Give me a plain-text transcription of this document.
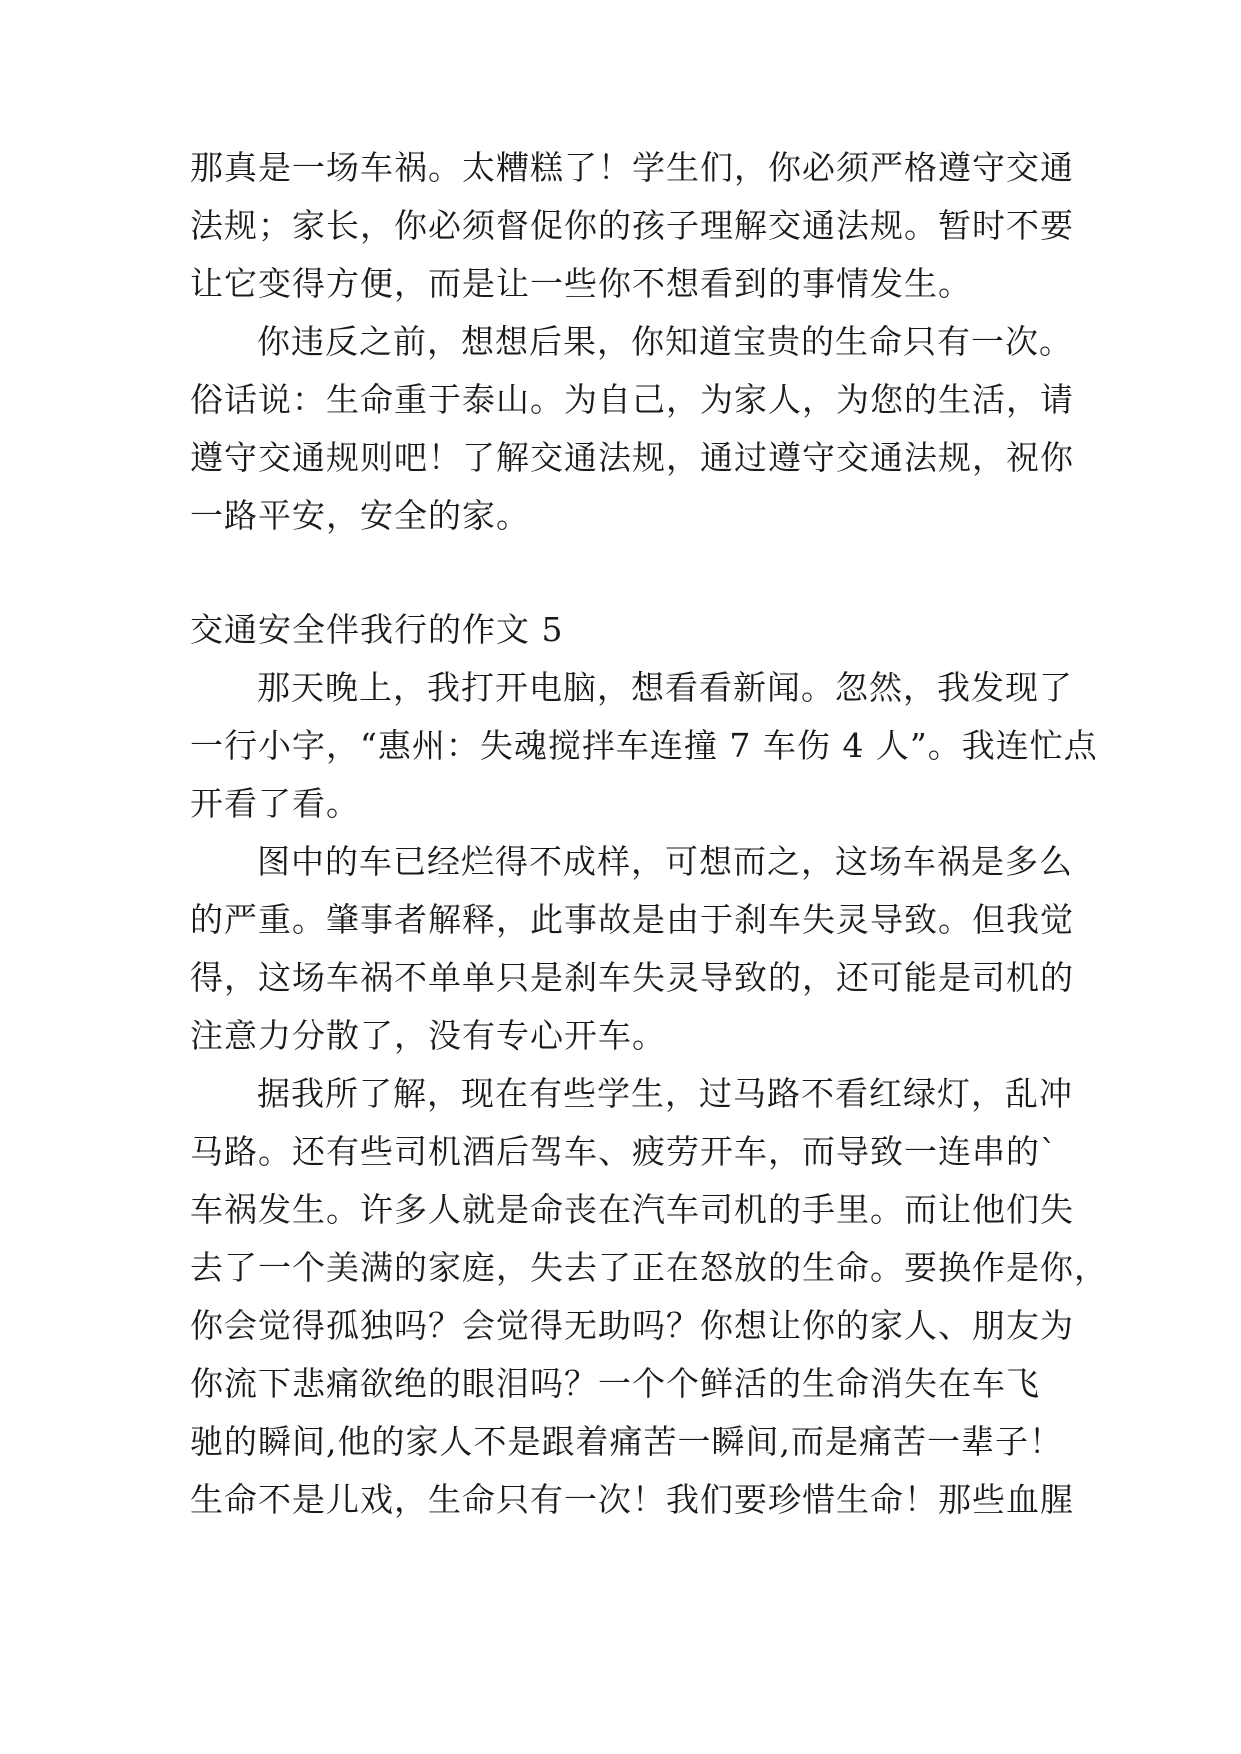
那真是一场车祸。太糟糕了！学生们，你必须严格遵守交通
法规；家长，你必须督促你的孩子理解交通法规。暂时不要
让它变得方便，而是让一些你不想看到的事情发生。
你违反之前，想想后果，你知道宝贵的生命只有一次。
俗话说：生命重于泰山。为自己，为家人，为您的生活，请
遵守交通规则吧！了解交通法规，通过遵守交通法规，祝你
一路平安，安全的家。
交通安全伴我行的作文 5
那天晚上，我打开电脑，想看看新闻。忽然，我发现了
一行小字，“惠州：失魂搅拌车连撞 7 车伤 4 人”。我连忙点
开看了看。
图中的车已经烂得不成样，可想而之，这场车祸是多么
的严重。肇事者解释，此事故是由于刹车失灵导致。但我觉
得，这场车祸不单单只是刹车失灵导致的，还可能是司机的
注意力分散了，没有专心开车。
据我所了解，现在有些学生，过马路不看红绿灯，乱冲
马路。还有些司机酒后驾车、疲劳开车，而导致一连串的`
车祸发生。许多人就是命丧在汽车司机的手里。而让他们失
去了一个美满的家庭，失去了正在怒放的生命。要换作是你，
你会觉得孤独吗？会觉得无助吗？你想让你的家人、朋友为
你流下悲痛欲绝的眼泪吗？一个个鲜活的生命消失在车飞
驰的瞬间,他的家人不是跟着痛苦一瞬间,而是痛苦一辈子！
生命不是儿戏，生命只有一次！我们要珍惜生命！那些血腥
